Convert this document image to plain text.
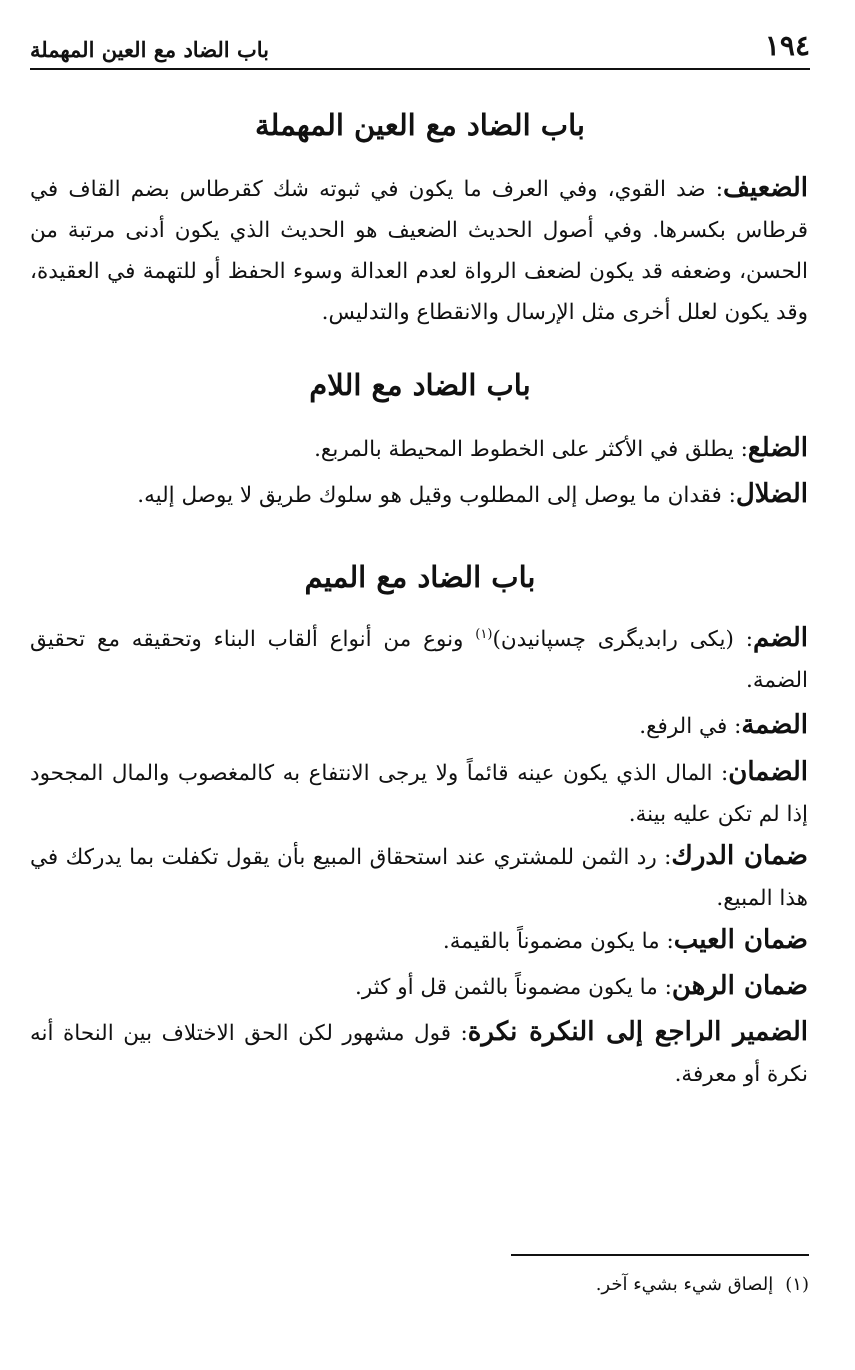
١٩٤
باب الضاد مع العين المهملة
باب الضاد مع العين المهملة

الضعيف: ضد القوي، وفي العرف ما يكون في ثبوته شك كقرطاس بضم القاف في قرطاس بكسرها. وفي أصول الحديث الضعيف هو الحديث الذي يكون أدنى مرتبة من الحسن، وضعفه قد يكون لضعف الرواة لعدم العدالة وسوء الحفظ أو للتهمة في العقيدة، وقد يكون لعلل أخرى مثل الإرسال والانقطاع والتدليس.

باب الضاد مع اللام

الضلع: يطلق في الأكثر على الخطوط المحيطة بالمربع.

الضلال: فقدان ما يوصل إلى المطلوب وقيل هو سلوك طريق لا يوصل إليه.

باب الضاد مع الميم

الضم: (يكى رابديگرى چسپانيدن)$^{(١)}$ ونوع من أنواع ألقاب البناء وتحقيقه مع تحقيق الضمة.

الضمة: في الرفع.

الضمان: المال الذي يكون عينه قائماً ولا يرجى الانتفاع به كالمغصوب والمال المجحود إذا لم تكن عليه بينة.

ضمان الدرك: رد الثمن للمشتري عند استحقاق المبيع بأن يقول تكفلت بما يدركك في هذا المبيع.

ضمان العيب: ما يكون مضموناً بالقيمة.

ضمان الرهن: ما يكون مضموناً بالثمن قل أو كثر.

الضمير الراجع إلى النكرة نكرة: قول مشهور لكن الحق الاختلاف بين النحاة أنه نكرة أو معرفة.

(١)إلصاق شيء بشيء آخر.
